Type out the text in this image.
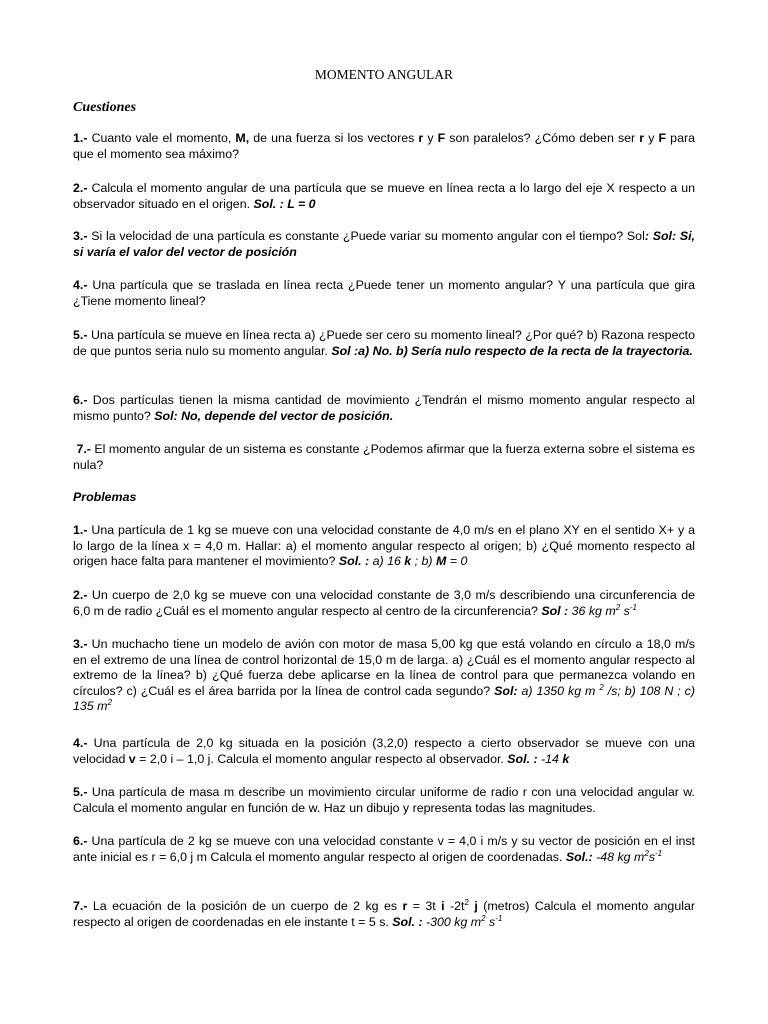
MOMENTO ANGULAR
Cuestiones
1.- Cuanto vale el momento, M, de una fuerza si los vectores r y F son paralelos? ¿Cómo deben ser r y F para que el momento sea máximo?
2.- Calcula el momento angular de una partícula que se mueve en línea recta a lo largo del eje X respecto a un observador situado en el origen. Sol. : L = 0
3.- Si la velocidad de una partícula es constante ¿Puede variar su momento angular con el tiempo? Sol: Sol: Si, si varía el valor del vector de posición
4.- Una partícula que se traslada en línea recta ¿Puede tener un momento angular? Y una partícula que gira ¿Tiene momento lineal?
5.- Una partícula se mueve en línea recta a) ¿Puede ser cero su momento lineal? ¿Por qué? b) Razona respecto de que puntos seria nulo su momento angular. Sol :a) No. b) Sería nulo respecto de la recta de la trayectoria.
6.- Dos partículas tienen la misma cantidad de movimiento ¿Tendrán el mismo momento angular respecto al mismo punto? Sol: No, depende del vector de posición.
7.- El momento angular de un sistema es constante ¿Podemos afirmar que la fuerza externa sobre el sistema es nula?
Problemas
1.- Una partícula de 1 kg se mueve con una velocidad constante de 4,0 m/s en el plano XY en el sentido X+ y a lo largo de la línea x = 4,0 m. Hallar: a) el momento angular respecto al origen; b) ¿Qué momento respecto al origen hace falta para mantener el movimiento? Sol. : a) 16 k ; b) M = 0
2.- Un cuerpo de 2,0 kg se mueve con una velocidad constante de 3,0 m/s describiendo una circunferencia de 6,0 m de radio ¿Cuál es el momento angular respecto al centro de la circunferencia? Sol : 36 kg $m^2$ $s^{-1}$
3.- Un muchacho tiene un modelo de avión con motor de masa 5,00 kg que está volando en círculo a 18,0 m/s en el extremo de una línea de control horizontal de 15,0 m de larga. a) ¿Cuál es el momento angular respecto al extremo de la línea? b) ¿Qué fuerza debe aplicarse en la línea de control para que permanezca volando en círculos? c) ¿Cuál es el área barrida por la línea de control cada segundo? Sol: a) 1350 kg m $^2$ /s; b) 108 N ; c) 135 $m^2$
4.- Una partícula de 2,0 kg situada en la posición (3,2,0) respecto a cierto observador se mueve con una velocidad v = 2,0 i – 1,0 j. Calcula el momento angular respecto al observador. Sol. : -14 k
5.- Una partícula de masa m describe un movimiento circular uniforme de radio r con una velocidad angular w. Calcula el momento angular en función de w. Haz un dibujo y representa todas las magnitudes.
6.- Una partícula de 2 kg se mueve con una velocidad constante v = 4,0 i m/s y su vector de posición en el inst ante inicial es r = 6,0 j m Calcula el momento angular respecto al origen de coordenadas. Sol.: -48 kg $m^2s^{-1}$
7.- La ecuación de la posición de un cuerpo de 2 kg es r = 3t i $-2t^2$ j (metros) Calcula el momento angular respecto al origen de coordenadas en ele instante t = 5 s. Sol. : -300 kg $m^2$ $s^{-1}$
